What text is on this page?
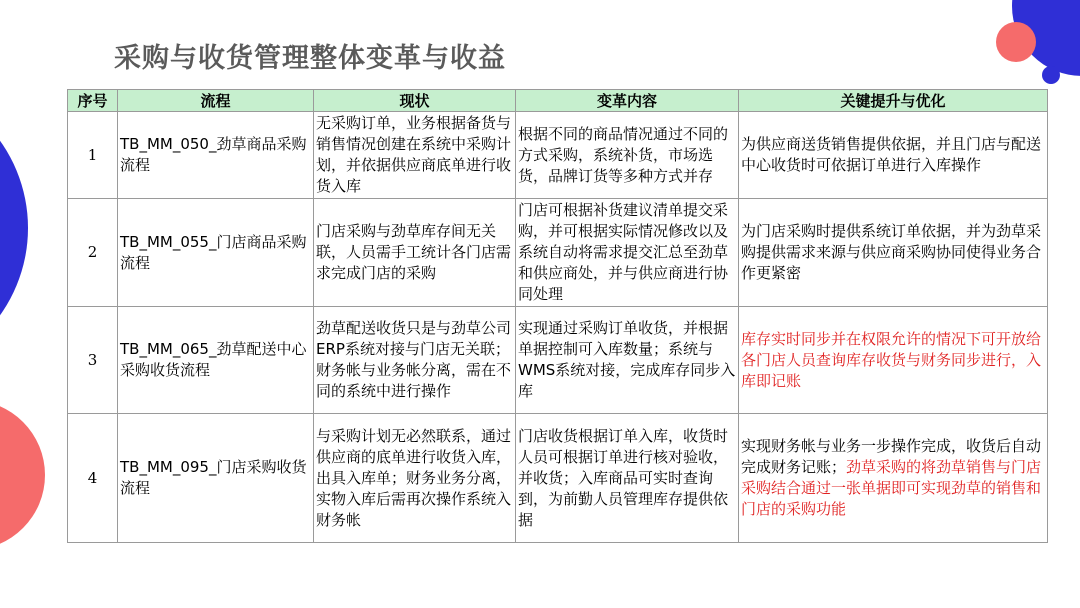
采购与收货管理整体变革与收益
序号	流程	现状	变革内容	关键提升与优化
1	TB_MM_050_劲草商品采购流程	无采购订单，业务根据备货与销售情况创建在系统中采购计划，并依据供应商底单进行收货入库	根据不同的商品情况通过不同的方式采购，系统补货，市场选货，品牌订货等多种方式并存	为供应商送货销售提供依据，并且门店与配送中心收货时可依据订单进行入库操作
2	TB_MM_055_门店商品采购流程	门店采购与劲草库存间无关联，人员需手工统计各门店需求完成门店的采购	门店可根据补货建议清单提交采购，并可根据实际情况修改以及系统自动将需求提交汇总至劲草和供应商处，并与供应商进行协同处理	为门店采购时提供系统订单依据，并为劲草采购提供需求来源与供应商采购协同使得业务合作更紧密
3	TB_MM_065_劲草配送中心采购收货流程	劲草配送收货只是与劲草公司ERP系统对接与门店无关联；财务帐与业务帐分离，需在不同的系统中进行操作	实现通过采购订单收货，并根据单据控制可入库数量；系统与WMS系统对接，完成库存同步入库	库存实时同步并在权限允许的情况下可开放给各门店人员查询库存收货与财务同步进行，入库即记账
4	TB_MM_095_门店采购收货流程	与采购计划无必然联系，通过供应商的底单进行收货入库，出具入库单；财务业务分离，实物入库后需再次操作系统入财务帐	门店收货根据订单入库，收货时人员可根据订单进行核对验收，并收货；入库商品可实时查询到，为前勤人员管理库存提供依据	实现财务帐与业务一步操作完成，收货后自动完成财务记账；劲草采购的将劲草销售与门店采购结合通过一张单据即可实现劲草的销售和门店的采购功能
